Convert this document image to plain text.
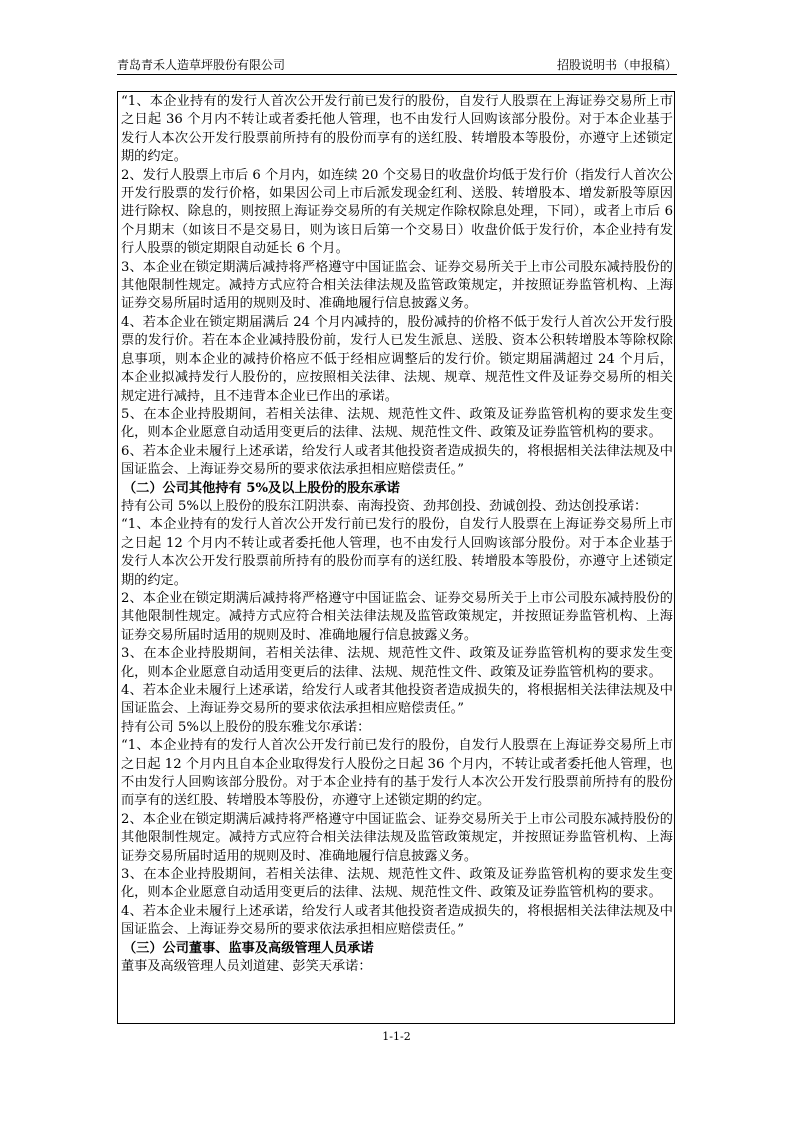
青岛青禾人造草坪股份有限公司	招股说明书（申报稿）

“1、本企业持有的发行人首次公开发行前已发行的股份，自发行人股票在上海证券交易所上市之日起 36 个月内不转让或者委托他人管理，也不由发行人回购该部分股份。对于本企业基于发行人本次公开发行股票前所持有的股份而享有的送红股、转增股本等股份，亦遵守上述锁定期的约定。

2、发行人股票上市后 6 个月内，如连续 20 个交易日的收盘价均低于发行价（指发行人首次公开发行股票的发行价格，如果因公司上市后派发现金红利、送股、转增股本、增发新股等原因进行除权、除息的，则按照上海证券交易所的有关规定作除权除息处理，下同），或者上市后 6 个月期末（如该日不是交易日，则为该日后第一个交易日）收盘价低于发行价，本企业持有发行人股票的锁定期限自动延长 6 个月。

3、本企业在锁定期满后减持将严格遵守中国证监会、证券交易所关于上市公司股东减持股份的其他限制性规定。减持方式应符合相关法律法规及监管政策规定，并按照证券监管机构、上海证券交易所届时适用的规则及时、准确地履行信息披露义务。

4、若本企业在锁定期届满后 24 个月内减持的，股份减持的价格不低于发行人首次公开发行股票的发行价。若在本企业减持股份前，发行人已发生派息、送股、资本公积转增股本等除权除息事项，则本企业的减持价格应不低于经相应调整后的发行价。锁定期届满超过 24 个月后，本企业拟减持发行人股份的，应按照相关法律、法规、规章、规范性文件及证券交易所的相关规定进行减持，且不违背本企业已作出的承诺。

5、在本企业持股期间，若相关法律、法规、规范性文件、政策及证券监管机构的要求发生变化，则本企业愿意自动适用变更后的法律、法规、规范性文件、政策及证券监管机构的要求。

6、若本企业未履行上述承诺，给发行人或者其他投资者造成损失的，将根据相关法律法规及中国证监会、上海证券交易所的要求依法承担相应赔偿责任。”

（二）公司其他持有 5%及以上股份的股东承诺

持有公司 5%以上股份的股东江阴洪泰、南海投资、劲邦创投、劲诚创投、劲达创投承诺：

“1、本企业持有的发行人首次公开发行前已发行的股份，自发行人股票在上海证券交易所上市之日起 12 个月内不转让或者委托他人管理，也不由发行人回购该部分股份。对于本企业基于发行人本次公开发行股票前所持有的股份而享有的送红股、转增股本等股份，亦遵守上述锁定期的约定。

2、本企业在锁定期满后减持将严格遵守中国证监会、证券交易所关于上市公司股东减持股份的其他限制性规定。减持方式应符合相关法律法规及监管政策规定，并按照证券监管机构、上海证券交易所届时适用的规则及时、准确地履行信息披露义务。

3、在本企业持股期间，若相关法律、法规、规范性文件、政策及证券监管机构的要求发生变化，则本企业愿意自动适用变更后的法律、法规、规范性文件、政策及证券监管机构的要求。

4、若本企业未履行上述承诺，给发行人或者其他投资者造成损失的，将根据相关法律法规及中国证监会、上海证券交易所的要求依法承担相应赔偿责任。”

持有公司 5%以上股份的股东雅戈尔承诺：

“1、本企业持有的发行人首次公开发行前已发行的股份，自发行人股票在上海证券交易所上市之日起 12 个月内且自本企业取得发行人股份之日起 36 个月内，不转让或者委托他人管理，也不由发行人回购该部分股份。对于本企业持有的基于发行人本次公开发行股票前所持有的股份而享有的送红股、转增股本等股份，亦遵守上述锁定期的约定。

2、本企业在锁定期满后减持将严格遵守中国证监会、证券交易所关于上市公司股东减持股份的其他限制性规定。减持方式应符合相关法律法规及监管政策规定，并按照证券监管机构、上海证券交易所届时适用的规则及时、准确地履行信息披露义务。

3、在本企业持股期间，若相关法律、法规、规范性文件、政策及证券监管机构的要求发生变化，则本企业愿意自动适用变更后的法律、法规、规范性文件、政策及证券监管机构的要求。

4、若本企业未履行上述承诺，给发行人或者其他投资者造成损失的，将根据相关法律法规及中国证监会、上海证券交易所的要求依法承担相应赔偿责任。”

（三）公司董事、监事及高级管理人员承诺

董事及高级管理人员刘道建、彭笑天承诺：

1-1-2
